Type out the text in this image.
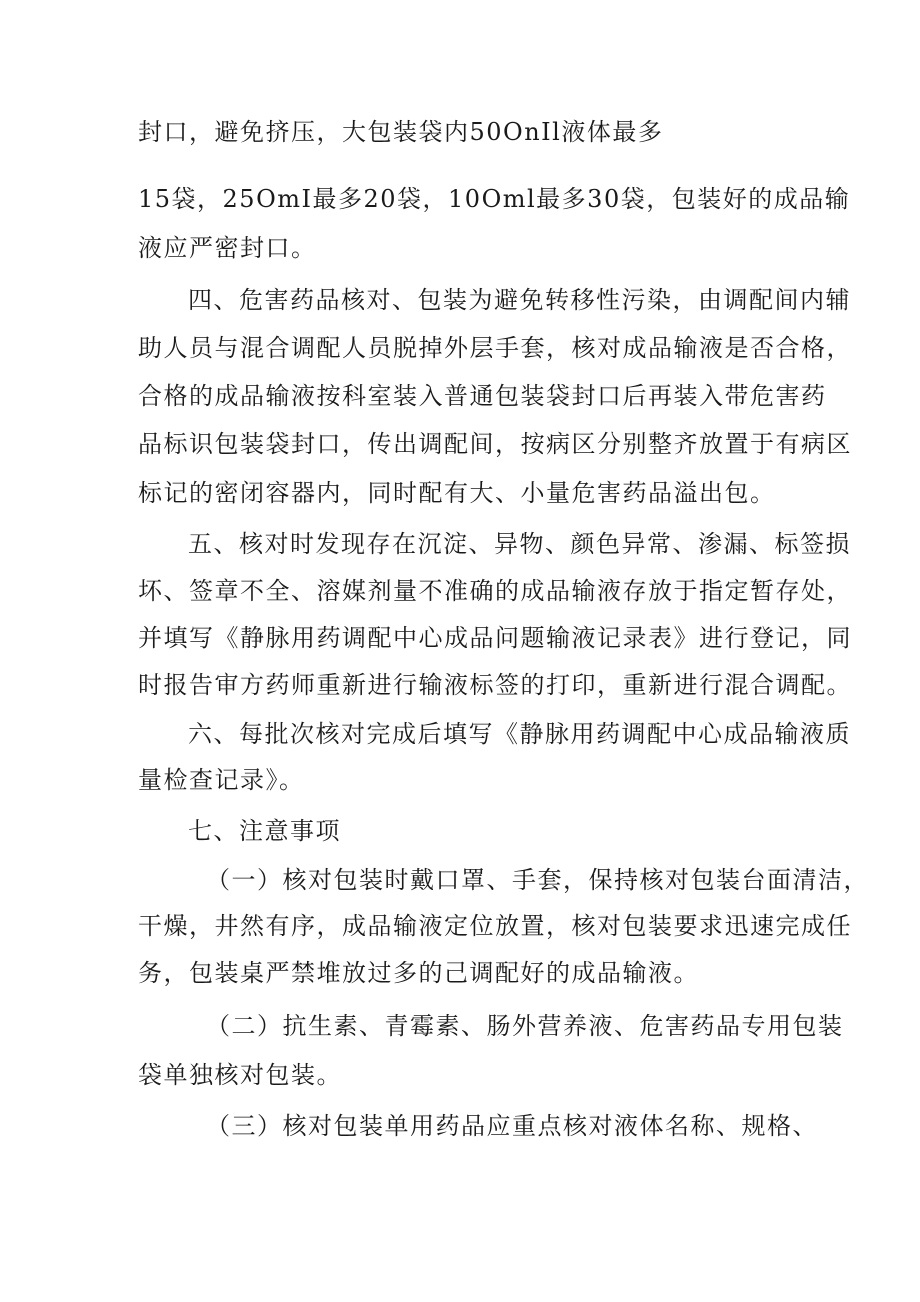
封口，避免挤压，大包装袋内50OnIl液体最多
15袋，25OmI最多20袋，10Oml最多30袋，包装好的成品输
液应严密封口。
四、危害药品核对、包装为避免转移性污染，由调配间内辅
助人员与混合调配人员脱掉外层手套，核对成品输液是否合格，
合格的成品输液按科室装入普通包装袋封口后再装入带危害药
品标识包装袋封口，传出调配间，按病区分别整齐放置于有病区
标记的密闭容器内，同时配有大、小量危害药品溢出包。
五、核对时发现存在沉淀、异物、颜色异常、渗漏、标签损
坏、签章不全、溶媒剂量不准确的成品输液存放于指定暂存处，
并填写《静脉用药调配中心成品问题输液记录表》进行登记，同
时报告审方药师重新进行输液标签的打印，重新进行混合调配。
六、每批次核对完成后填写《静脉用药调配中心成品输液质
量检查记录》。
七、注意事项
（一）核对包装时戴口罩、手套，保持核对包装台面清洁，
干燥，井然有序，成品输液定位放置，核对包装要求迅速完成任
务，包装桌严禁堆放过多的己调配好的成品输液。
（二）抗生素、青霉素、肠外营养液、危害药品专用包装
袋单独核对包装。
（三）核对包装单用药品应重点核对液体名称、规格、
